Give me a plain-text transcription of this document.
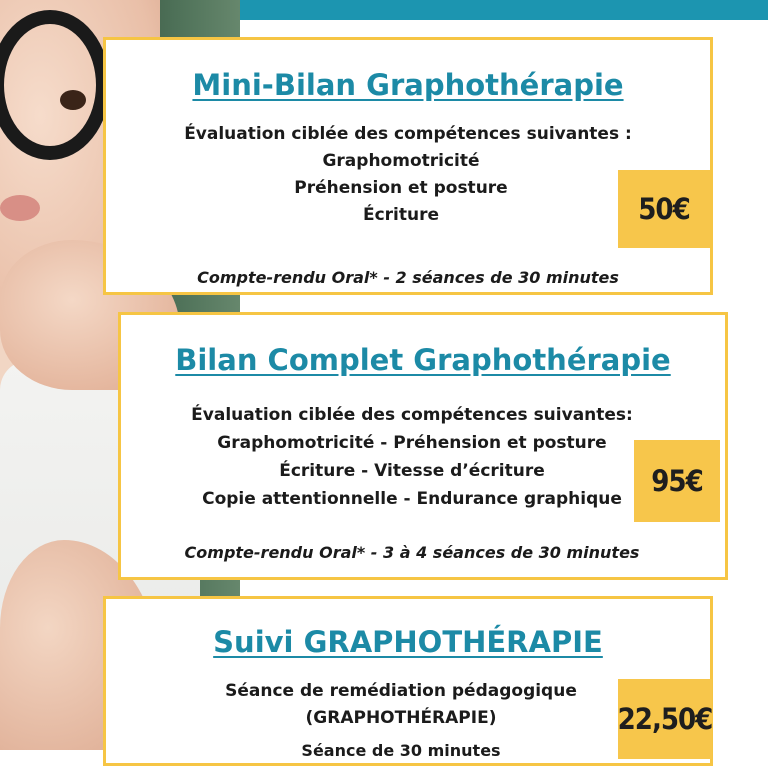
Mini-Bilan Graphothérapie
Évaluation ciblée des compétences suivantes :
Graphomotricité
Préhension et posture
Écriture	50€
Compte-rendu Oral* - 2 séances de 30 minutes
Bilan Complet Graphothérapie
Évaluation ciblée des compétences suivantes:
Graphomotricité - Préhension et posture
Écriture - Vitesse d’écriture
Copie attentionnelle - Endurance graphique
95€
Compte-rendu Oral* - 3 à 4 séances de 30 minutes
Suivi GRAPHOTHÉRAPIE
Séance de remédiation pédagogique
(GRAPHOTHÉRAPIE)	22,50€
Séance de 30 minutes
